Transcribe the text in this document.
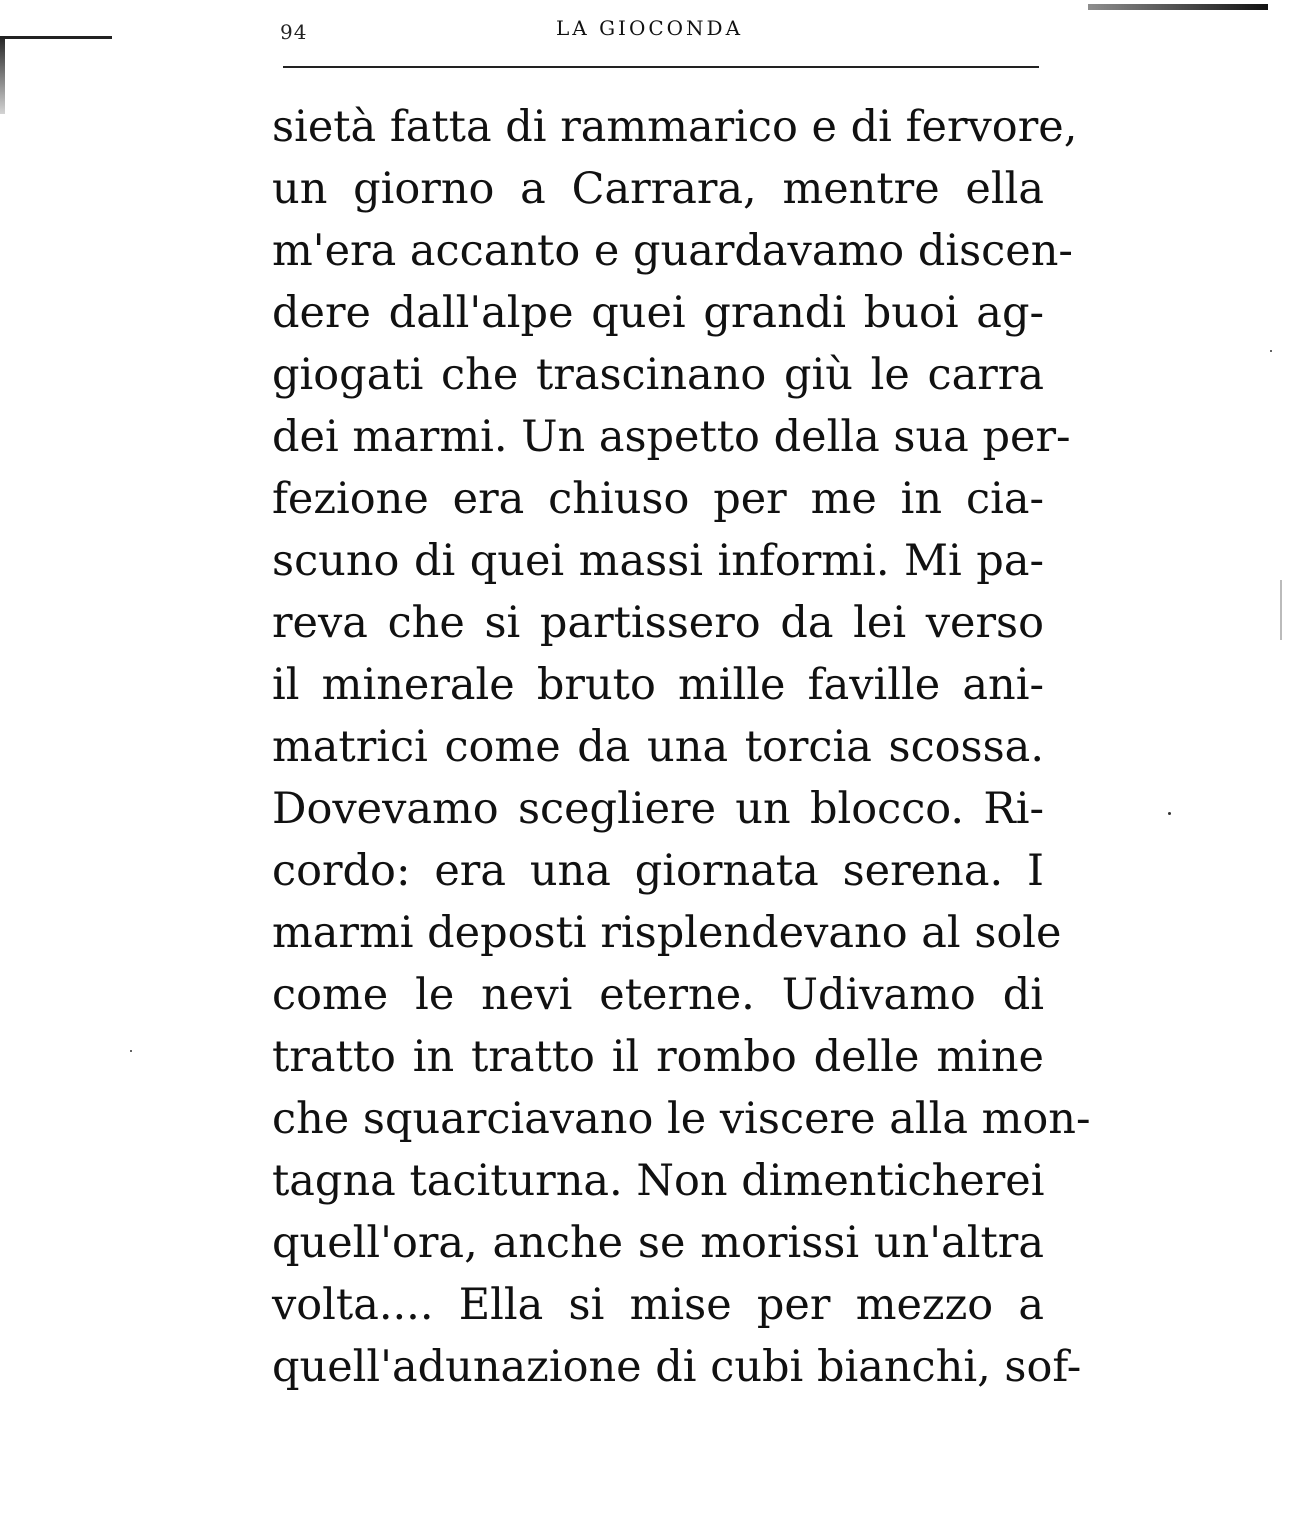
94	LA GIOCONDA
sietà fatta di rammarico e di fervore,
un giorno a Carrara, mentre ella
m'era accanto e guardavamo discen-
dere dall'alpe quei grandi buoi ag-
giogati che trascinano giù le carra
dei marmi. Un aspetto della sua per-
fezione era chiuso per me in cia-
scuno di quei massi informi. Mi pa-
reva che si partissero da lei verso
il minerale bruto mille faville ani-
matrici come da una torcia scossa.
Dovevamo scegliere un blocco. Ri-
cordo: era una giornata serena. I
marmi deposti risplendevano al sole
come le nevi eterne. Udivamo di
tratto in tratto il rombo delle mine
che squarciavano le viscere alla mon-
tagna taciturna. Non dimenticherei
quell'ora, anche se morissi un'altra
volta.... Ella si mise per mezzo a
quell'adunazione di cubi bianchi, sof-
